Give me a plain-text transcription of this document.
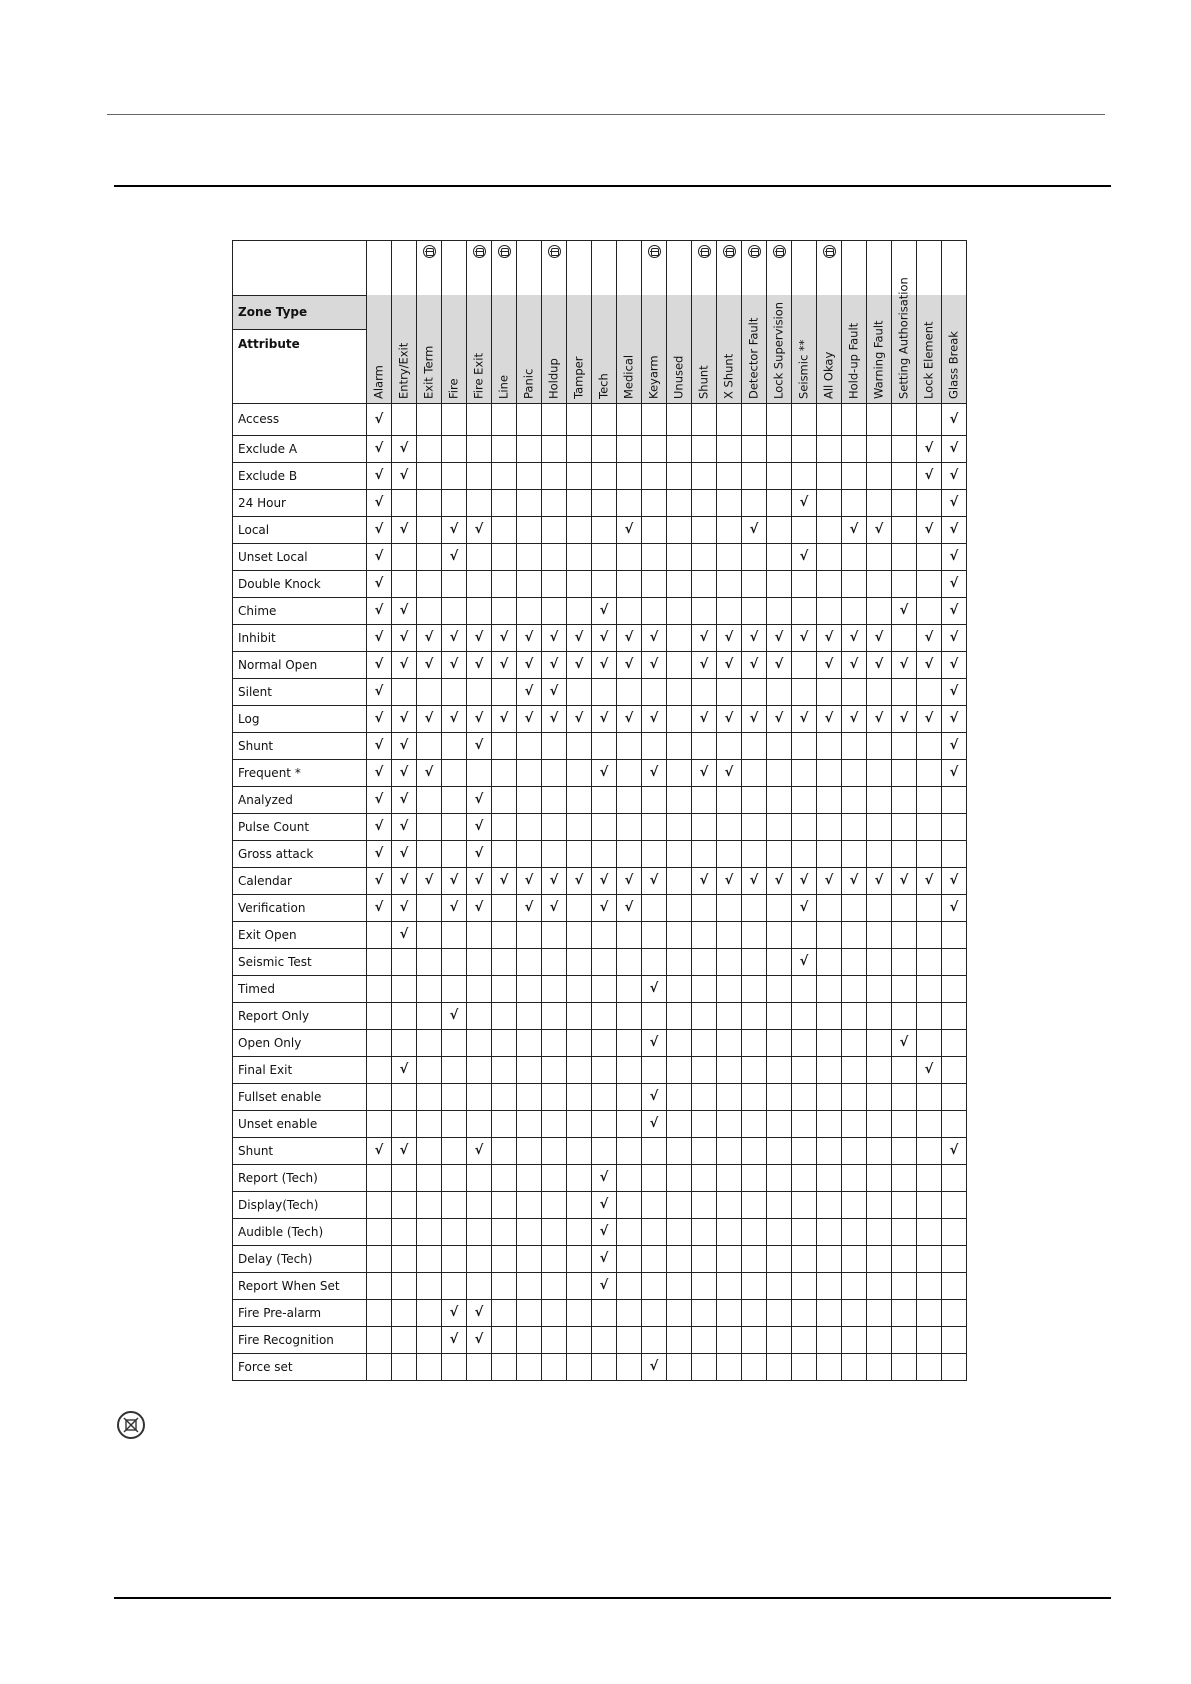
Zone Type
Attribute	Alarm	Entry/Exit	Exit Term	Fire	Fire Exit	Line	Panic	Holdup	Tamper	Tech	Medical	Keyarm	Unused	Shunt	X Shunt	Detector Fault	Lock Supervision	Seismic **	All Okay	Hold-up Fault	Warning Fault	Setting Authorisation	Lock Element	Glass Break

Access	√																							√
Exclude A	√	√																					√	√
Exclude B	√	√																					√	√
24 Hour	√																	√						√
Local	√	√		√	√						√					√				√	√		√	√
Unset Local	√			√														√						√
Double Knock	√																							√
Chime	√	√								√												√		√
Inhibit	√	√	√	√	√	√	√	√	√	√	√	√		√	√	√	√	√	√	√	√		√	√
Normal Open	√	√	√	√	√	√	√	√	√	√	√	√		√	√	√	√		√	√	√	√	√	√
Silent	√						√	√																√
Log	√	√	√	√	√	√	√	√	√	√	√	√		√	√	√	√	√	√	√	√	√	√	√
Shunt	√	√			√																			√
Frequent *	√	√	√							√		√		√	√									√
Analyzed	√	√			√																			
Pulse Count	√	√			√																			
Gross attack	√	√			√																			
Calendar	√	√	√	√	√	√	√	√	√	√	√	√		√	√	√	√	√	√	√	√	√	√	√
Verification	√	√		√	√		√	√		√	√							√						√
Exit Open		√																						
Seismic Test																		√						
Timed												√												
Report Only				√																				
Open Only												√										√		
Final Exit		√																					√	
Fullset enable												√												
Unset enable												√												
Shunt	√	√			√																			√
Report (Tech)										√														
Display(Tech)										√														
Audible (Tech)										√														
Delay (Tech)										√														
Report When Set										√														
Fire Pre-alarm				√	√																			
Fire Recognition				√	√																			
Force set												√												
